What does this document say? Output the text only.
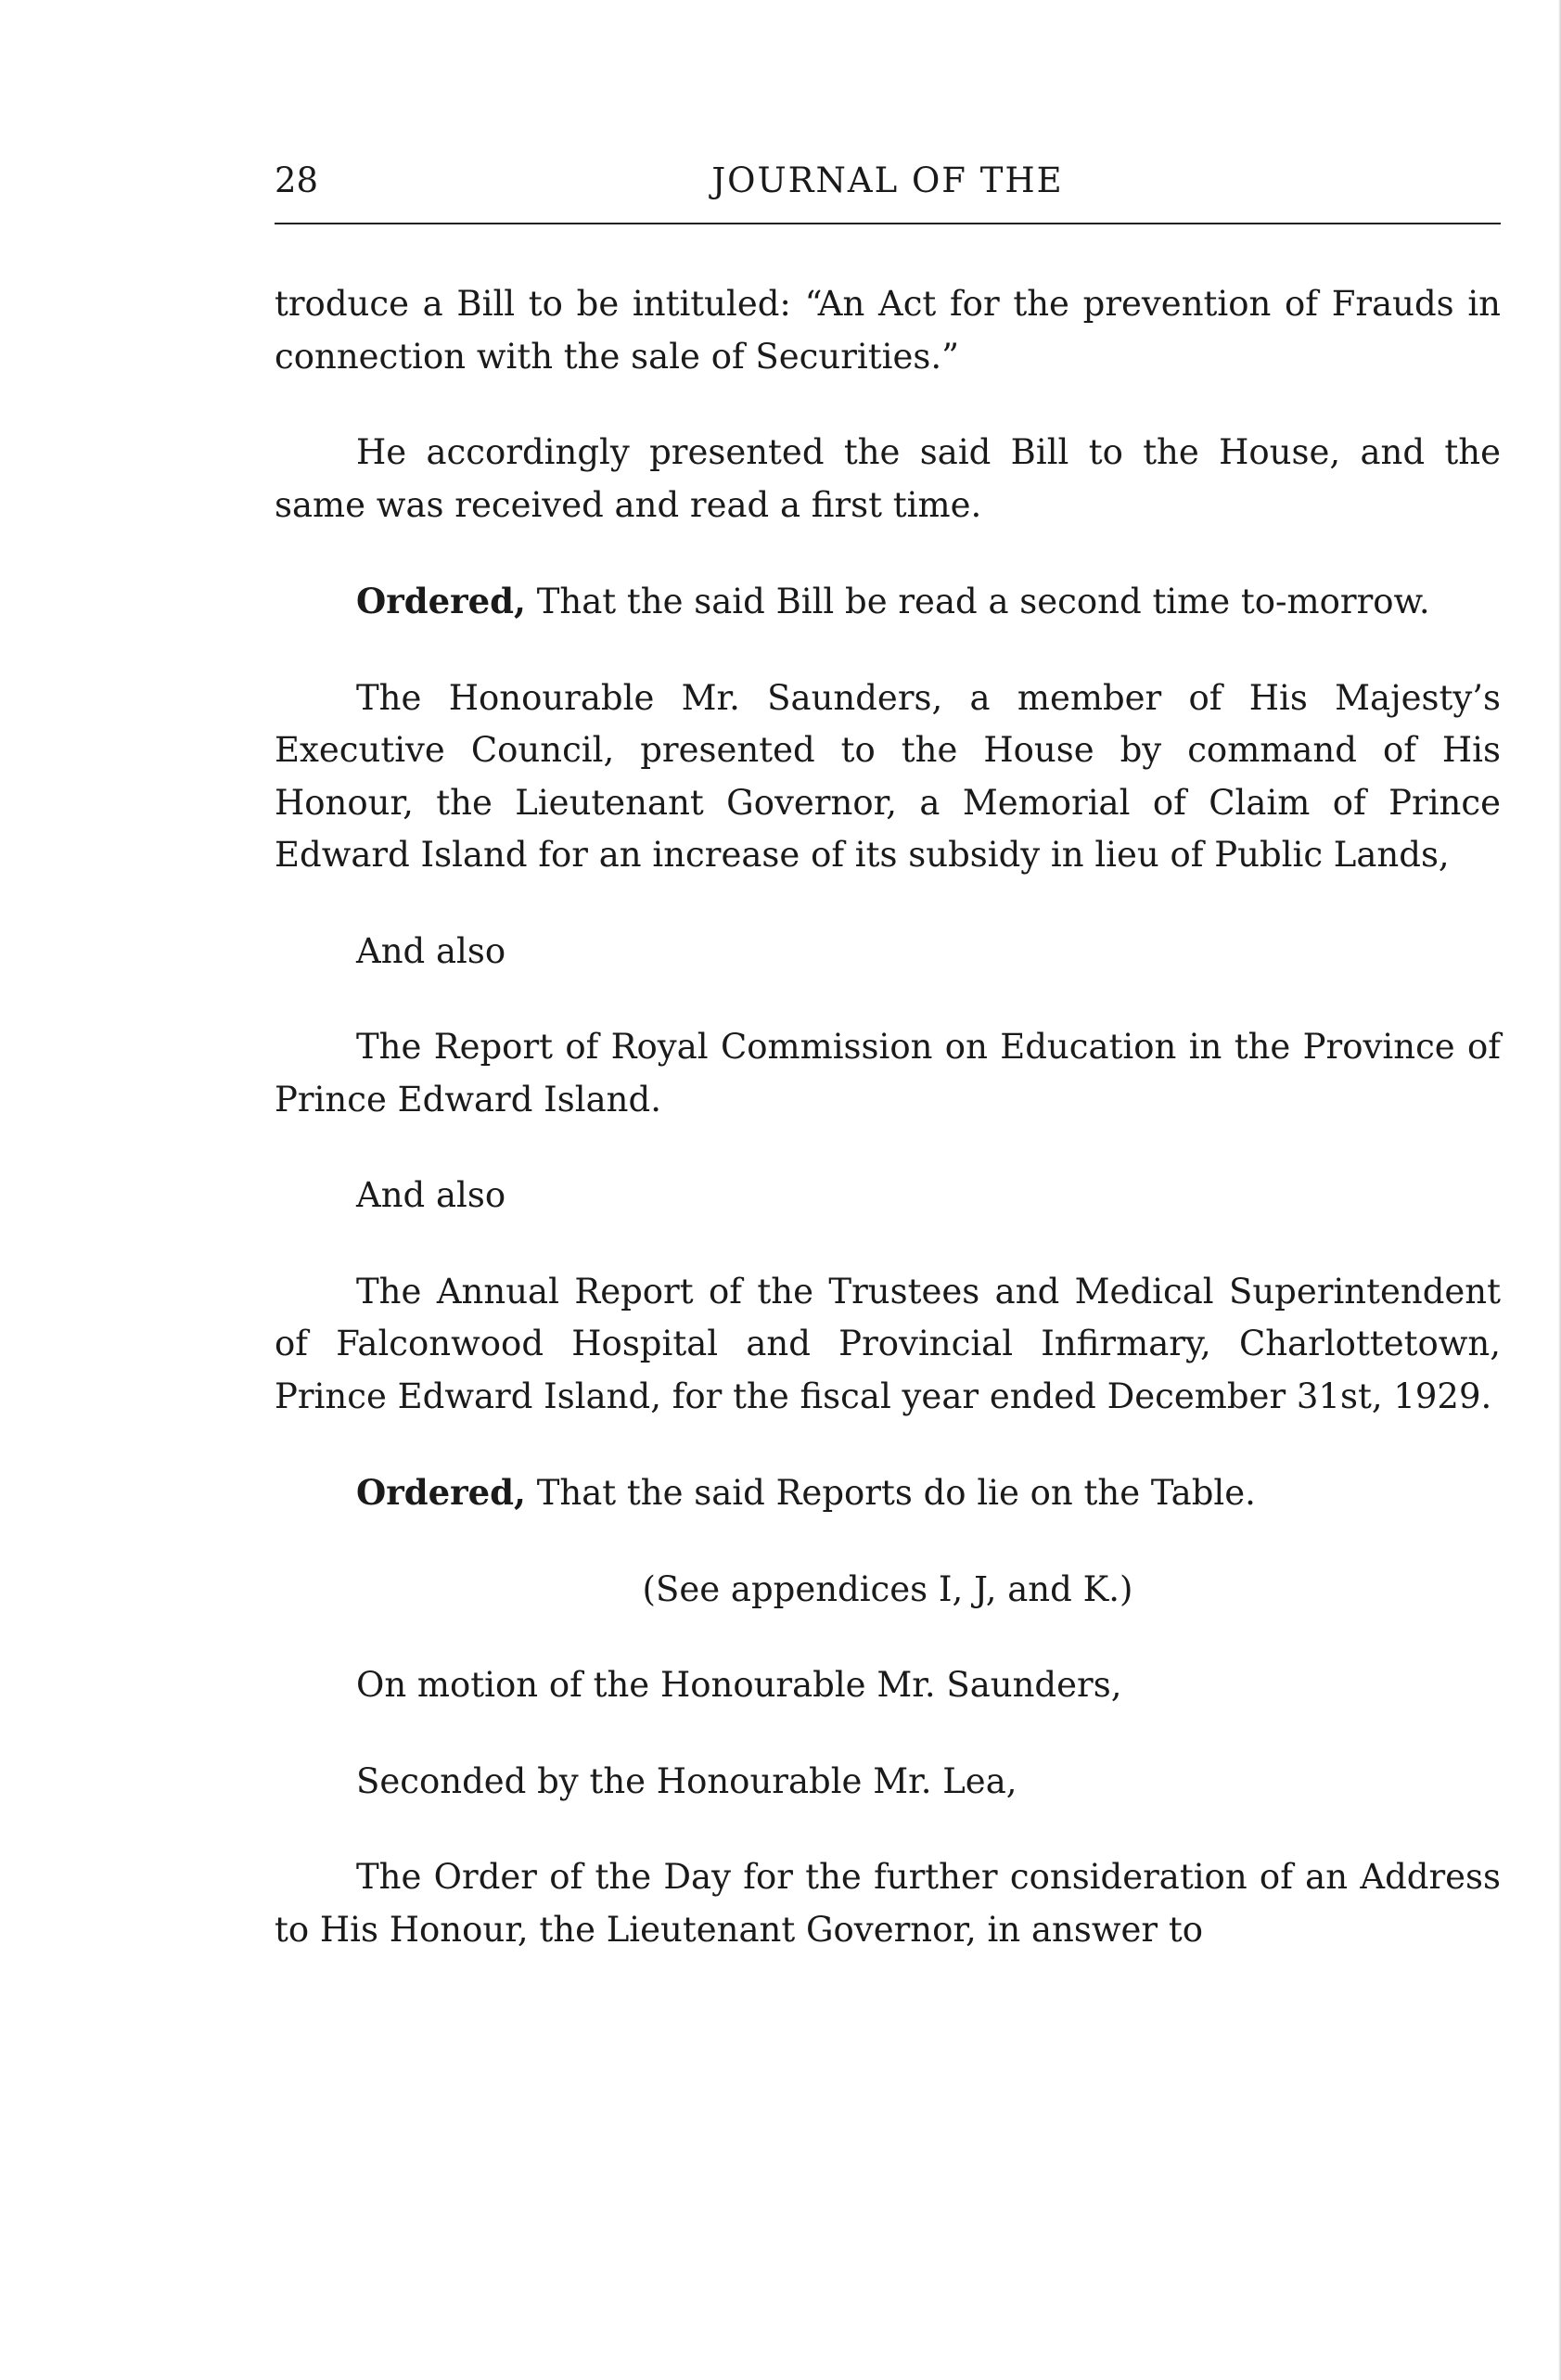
28	JOURNAL OF THE

troduce a Bill to be intituled: “An Act for the prevention of Frauds in connection with the sale of Securities.”

He accordingly presented the said Bill to the House, and the same was received and read a first time.

Ordered, That the said Bill be read a second time to-morrow.

The Honourable Mr. Saunders, a member of His Majesty’s Executive Council, presented to the House by command of His Honour, the Lieutenant Governor, a Memorial of Claim of Prince Edward Island for an increase of its subsidy in lieu of Public Lands,

And also

The Report of Royal Commission on Education in the Province of Prince Edward Island.

And also

The Annual Report of the Trustees and Medical Superintendent of Falconwood Hospital and Provincial Infirmary, Charlottetown, Prince Edward Island, for the fiscal year ended December 31st, 1929.

Ordered, That the said Reports do lie on the Table.

(See appendices I, J, and K.)

On motion of the Honourable Mr. Saunders,

Seconded by the Honourable Mr. Lea,

The Order of the Day for the further consideration of an Address to His Honour, the Lieutenant Governor, in answer to
